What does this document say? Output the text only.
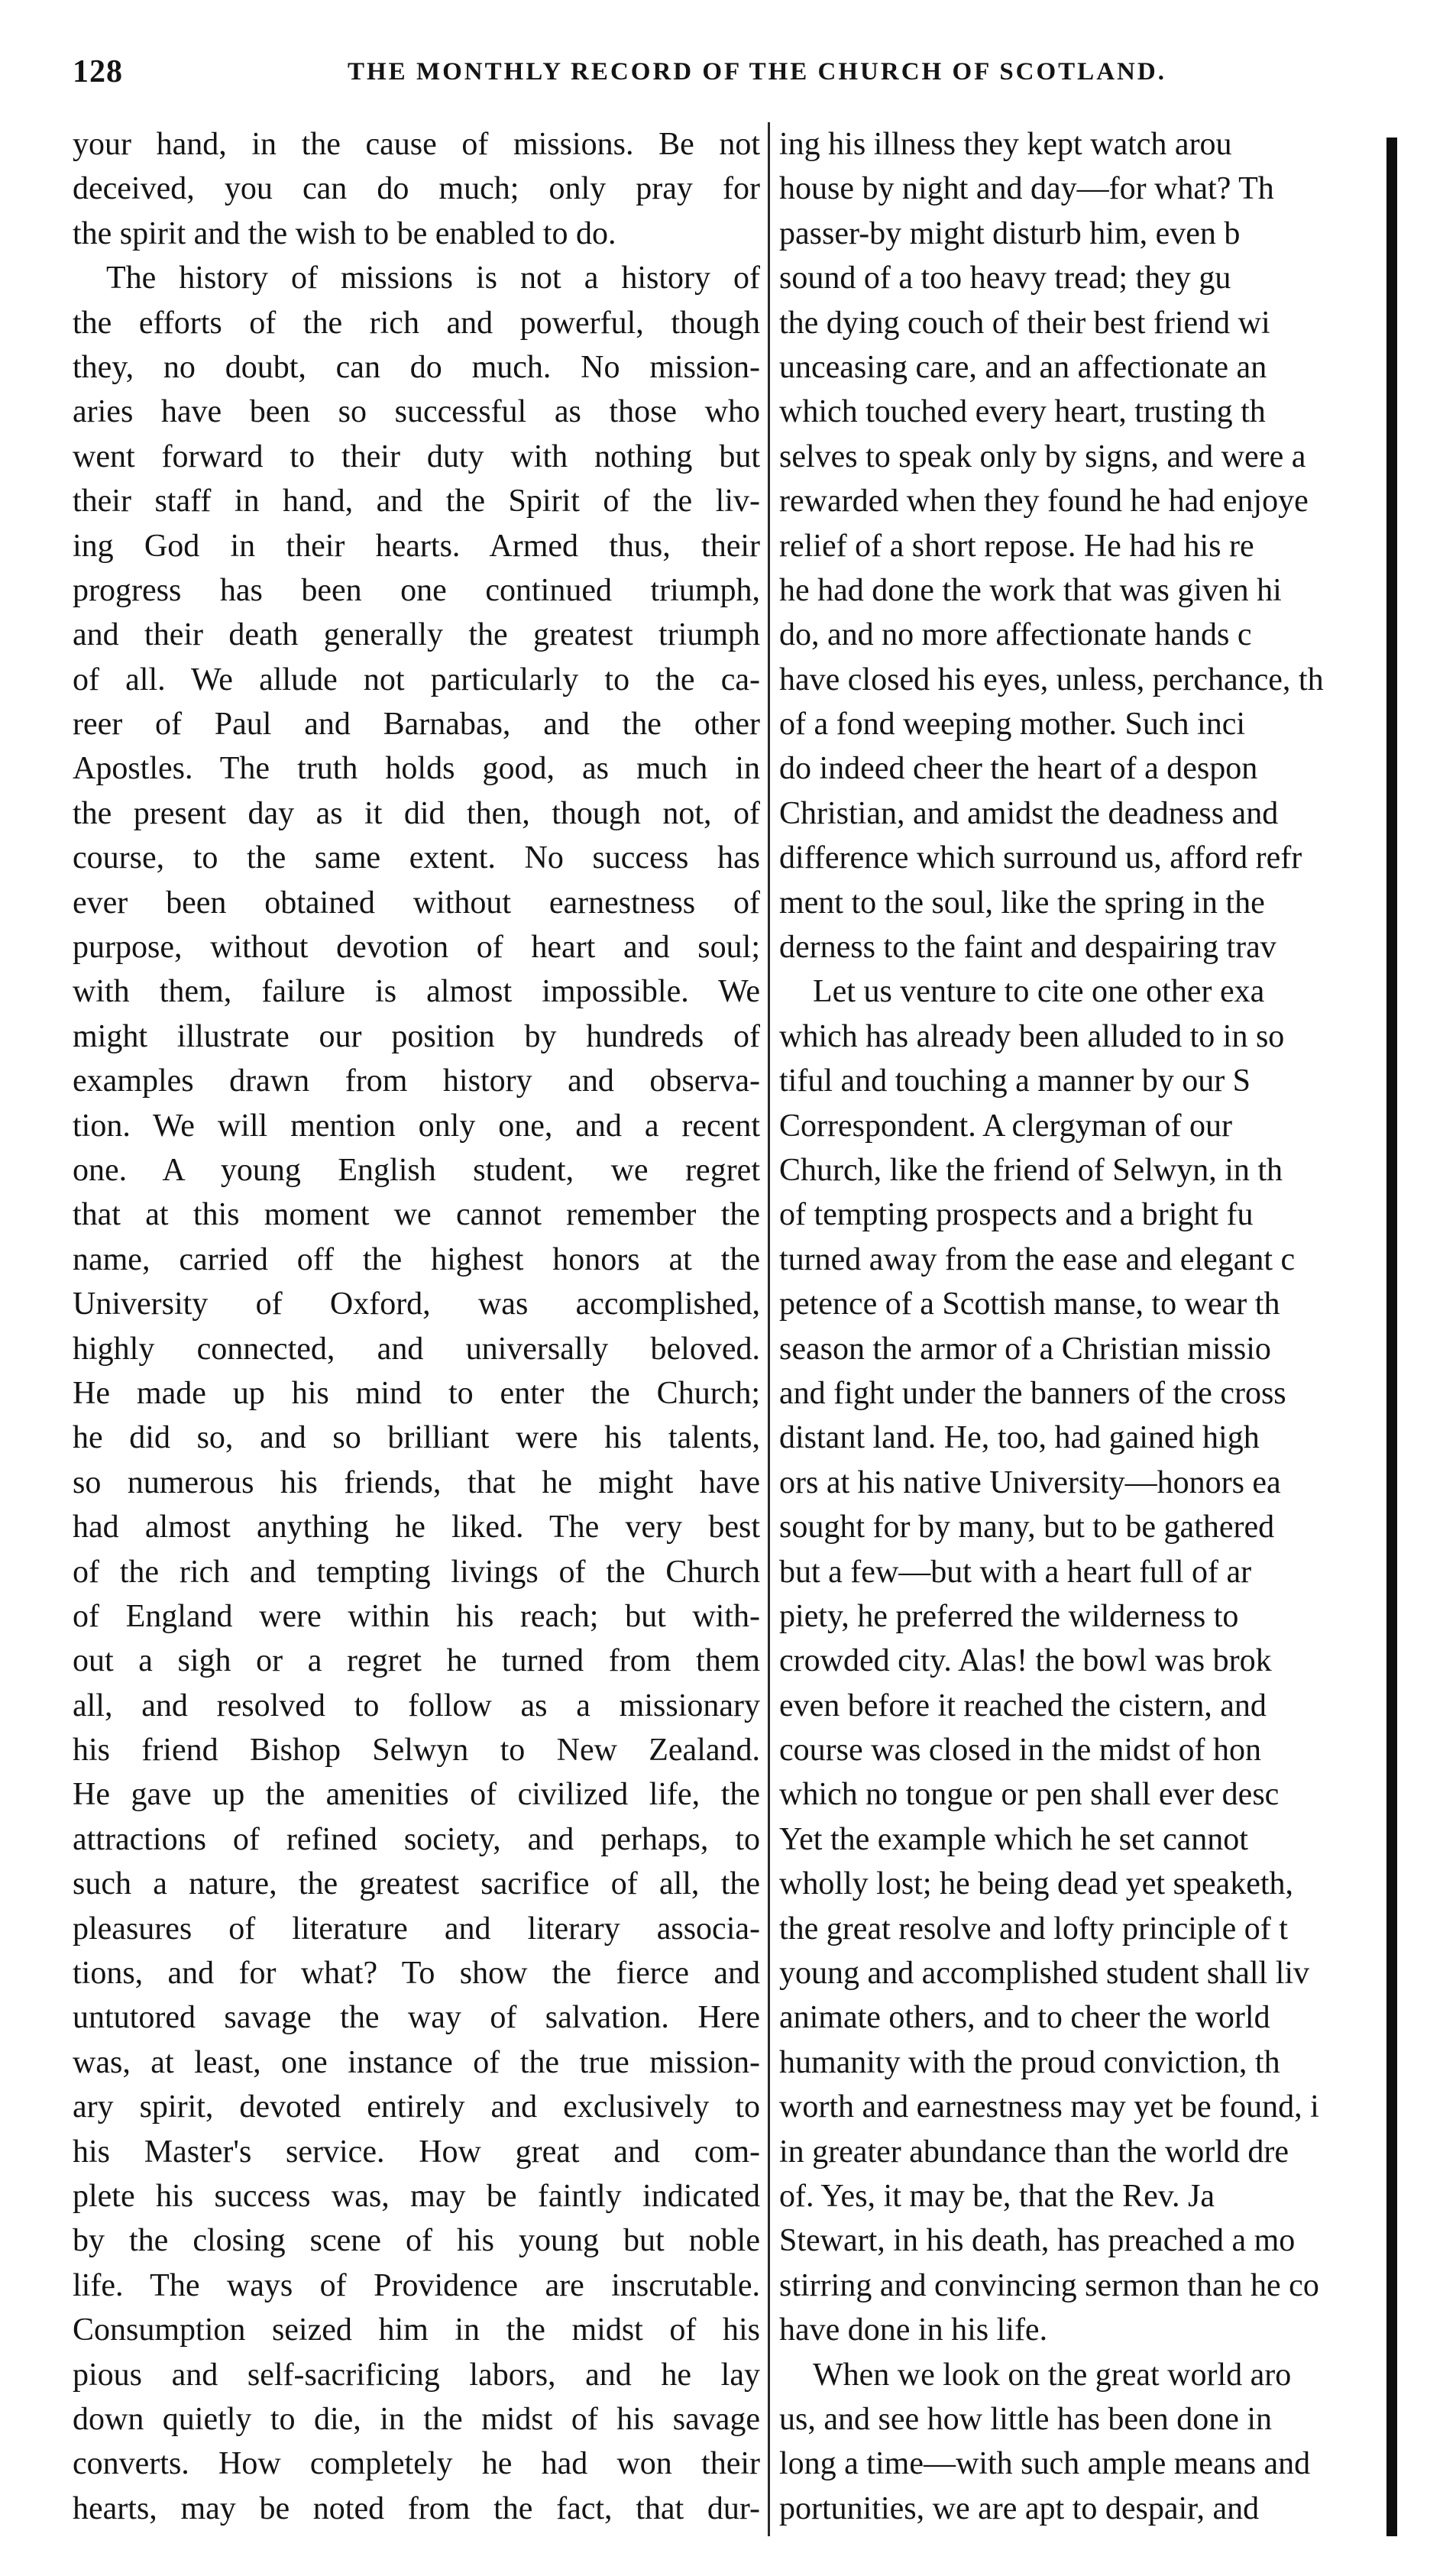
128	THE MONTHLY RECORD OF THE CHURCH OF SCOTLAND.
your hand, in the cause of missions. Be not
deceived, you can do much; only pray for
the spirit and the wish to be enabled to do.
The history of missions is not a history of
the efforts of the rich and powerful, though
they, no doubt, can do much. No mission-
aries have been so successful as those who
went forward to their duty with nothing but
their staff in hand, and the Spirit of the liv-
ing God in their hearts. Armed thus, their
progress has been one continued triumph,
and their death generally the greatest triumph
of all. We allude not particularly to the ca-
reer of Paul and Barnabas, and the other
Apostles. The truth holds good, as much in
the present day as it did then, though not, of
course, to the same extent. No success has
ever been obtained without earnestness of
purpose, without devotion of heart and soul;
with them, failure is almost impossible. We
might illustrate our position by hundreds of
examples drawn from history and observa-
tion. We will mention only one, and a recent
one. A young English student, we regret
that at this moment we cannot remember the
name, carried off the highest honors at the
University of Oxford, was accomplished,
highly connected, and universally beloved.
He made up his mind to enter the Church;
he did so, and so brilliant were his talents,
so numerous his friends, that he might have
had almost anything he liked. The very best
of the rich and tempting livings of the Church
of England were within his reach; but with-
out a sigh or a regret he turned from them
all, and resolved to follow as a missionary
his friend Bishop Selwyn to New Zealand.
He gave up the amenities of civilized life, the
attractions of refined society, and perhaps, to
such a nature, the greatest sacrifice of all, the
pleasures of literature and literary associa-
tions, and for what? To show the fierce and
untutored savage the way of salvation. Here
was, at least, one instance of the true mission-
ary spirit, devoted entirely and exclusively to
his Master's service. How great and com-
plete his success was, may be faintly indicated
by the closing scene of his young but noble
life. The ways of Providence are inscrutable.
Consumption seized him in the midst of his
pious and self-sacrificing labors, and he lay
down quietly to die, in the midst of his savage
converts. How completely he had won their
hearts, may be noted from the fact, that dur-
ing his illness they kept watch arou
house by night and day—for what? Th
passer-by might disturb him, even b
sound of a too heavy tread; they gu
the dying couch of their best friend wi
unceasing care, and an affectionate an
which touched every heart, trusting th
selves to speak only by signs, and were a
rewarded when they found he had enjoye
relief of a short repose. He had his re
he had done the work that was given hi
do, and no more affectionate hands c
have closed his eyes, unless, perchance, th
of a fond weeping mother. Such inci
do indeed cheer the heart of a despon
Christian, and amidst the deadness and
difference which surround us, afford refr
ment to the soul, like the spring in the
derness to the faint and despairing trav
Let us venture to cite one other exa
which has already been alluded to in so
tiful and touching a manner by our S
Correspondent. A clergyman of our
Church, like the friend of Selwyn, in th
of tempting prospects and a bright fu
turned away from the ease and elegant c
petence of a Scottish manse, to wear th
season the armor of a Christian missio
and fight under the banners of the cross
distant land. He, too, had gained high
ors at his native University—honors ea
sought for by many, but to be gathered
but a few—but with a heart full of ar
piety, he preferred the wilderness to
crowded city. Alas! the bowl was brok
even before it reached the cistern, and
course was closed in the midst of hon
which no tongue or pen shall ever desc
Yet the example which he set cannot
wholly lost; he being dead yet speaketh,
the great resolve and lofty principle of t
young and accomplished student shall liv
animate others, and to cheer the world
humanity with the proud conviction, th
worth and earnestness may yet be found, i
in greater abundance than the world dre
of. Yes, it may be, that the Rev. Ja
Stewart, in his death, has preached a mo
stirring and convincing sermon than he co
have done in his life.
When we look on the great world aro
us, and see how little has been done in
long a time—with such ample means and
portunities, we are apt to despair, and
